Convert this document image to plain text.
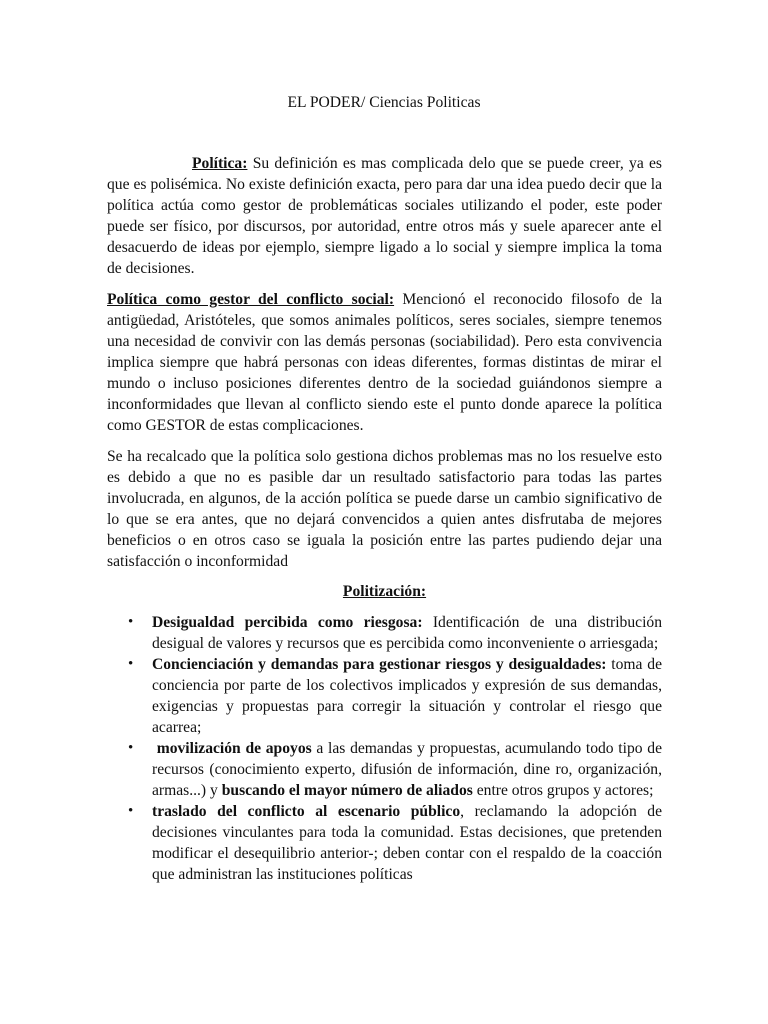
EL PODER/ Ciencias Politicas

Política: Su definición es mas complicada delo que se puede creer, ya es que es polisémica. No existe definición exacta, pero para dar una idea puedo decir que la política actúa como gestor de problemáticas sociales utilizando el poder, este poder puede ser físico, por discursos, por autoridad, entre otros más y suele aparecer ante el desacuerdo de ideas por ejemplo, siempre ligado a lo social y siempre implica la toma de decisiones.

Política como gestor del conflicto social: Mencionó el reconocido filosofo de la antigüedad, Aristóteles, que somos animales políticos, seres sociales, siempre tenemos una necesidad de convivir con las demás personas (sociabilidad). Pero esta convivencia implica siempre que habrá personas con ideas diferentes, formas distintas de mirar el mundo o incluso posiciones diferentes dentro de la sociedad guiándonos siempre a inconformidades que llevan al conflicto siendo este el punto donde aparece la política como GESTOR de estas complicaciones.

Se ha recalcado que la política solo gestiona dichos problemas mas no los resuelve esto es debido a que no es pasible dar un resultado satisfactorio para todas las partes involucrada, en algunos, de la acción política se puede darse un cambio significativo de lo que se era antes, que no dejará convencidos a quien antes disfrutaba de mejores beneficios o en otros caso se iguala la posición entre las partes pudiendo dejar una satisfacción o inconformidad

Politización:

• Desigualdad percibida como riesgosa: Identificación de una distribución desigual de valores y recursos que es percibida como inconveniente o arriesgada;
• Concienciación y demandas para gestionar riesgos y desigualdades: toma de conciencia por parte de los colectivos implicados y expresión de sus demandas, exigencias y propuestas para corregir la situación y controlar el riesgo que acarrea;
• movilización de apoyos a las demandas y propuestas, acumulando todo tipo de recursos (conocimiento experto, difusión de información, dine ro, organización, armas...) y buscando el mayor número de aliados entre otros grupos y actores;
• traslado del conflicto al escenario público, reclamando la adopción de decisiones vinculantes para toda la comunidad. Estas decisiones, que pretenden modificar el desequilibrio anterior-; deben contar con el respaldo de la coacción que administran las instituciones políticas
